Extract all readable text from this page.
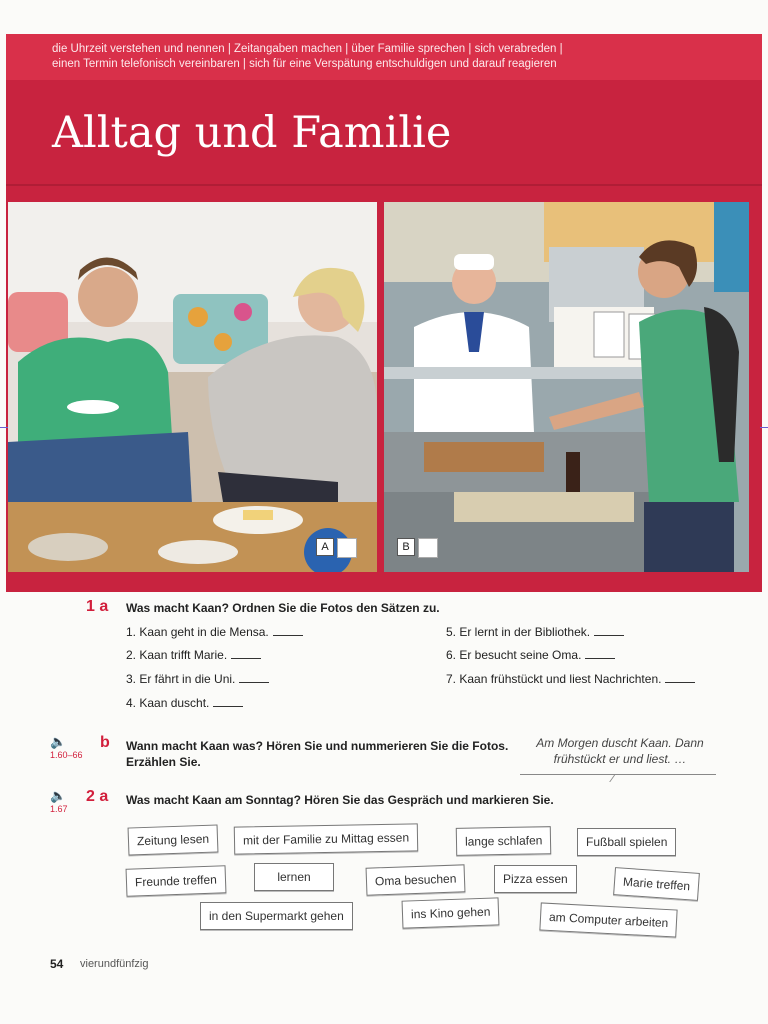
die Uhrzeit verstehen und nennen | Zeitangaben machen | über Familie sprechen | sich verabreden |
einen Termin telefonisch vereinbaren | sich für eine Verspätung entschuldigen und darauf reagieren
Alltag und Familie
A	B
1 a Was macht Kaan? Ordnen Sie die Fotos den Sätzen zu.
1. Kaan geht in die Mensa.
2. Kaan trifft Marie.
3. Er fährt in die Uni.
4. Kaan duscht.
5. Er lernt in der Bibliothek.
6. Er besucht seine Oma.
7. Kaan frühstückt und liest Nachrichten.
🔈
1.60–66
b Wann macht Kaan was? Hören Sie und nummerieren Sie die Fotos.
Erzählen Sie.
Am Morgen duscht Kaan. Dann
frühstückt er und liest. …
🔈
1.67
2 a Was macht Kaan am Sonntag? Hören Sie das Gespräch und markieren Sie.
Zeitung lesen	mit der Familie zu Mittag essen	lange schlafen	Fußball spielen
Freunde treffen	lernen	Oma besuchen	Pizza essen	Marie treffen
in den Supermarkt gehen	ins Kino gehen	am Computer arbeiten
54 vierundfünfzig
